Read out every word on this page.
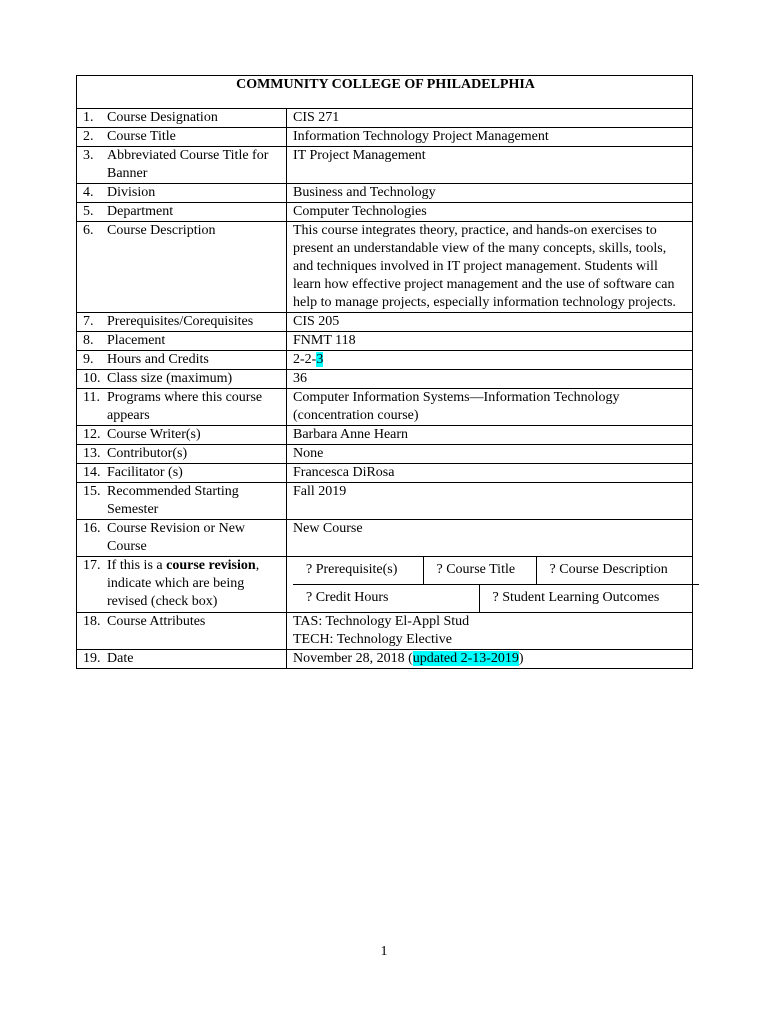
COMMUNITY COLLEGE OF PHILADELPHIA

1. Course Designation	CIS 271

2. Course Title	Information Technology Project Management

3. Abbreviated Course Title for Banner
	IT Project Management

4. Division	Business and Technology

5. Department	Computer Technologies

6. Course Description	This course integrates theory, practice, and hands-on exercises to present an understandable view of the many concepts, skills, tools, and techniques involved in IT project management. Students will learn how effective project management and the use of software can help to manage projects, especially information technology projects.

7. Prerequisites/Corequisites	CIS 205

8. Placement	FNMT 118

9. Hours and Credits	2-2-3

10. Class size (maximum)	36

11. Programs where this course appears
	Computer Information Systems—Information Technology (concentration course)

12. Course Writer(s)	Barbara Anne Hearn

13. Contributor(s)	None

14. Facilitator (s)	Francesca DiRosa

15. Recommended Starting Semester
	Fall 2019

16. Course Revision or New Course
	New Course

17. If this is a course revision, indicate which are being revised (check box)

? Prerequisite(s)	? Course Title	? Course Description
? Credit Hours	? Student Learning Outcomes

18. Course Attributes	TAS: Technology El-Appl Stud
TECH: Technology Elective

19. Date	November 28, 2018 (updated 2-13-2019)
1
